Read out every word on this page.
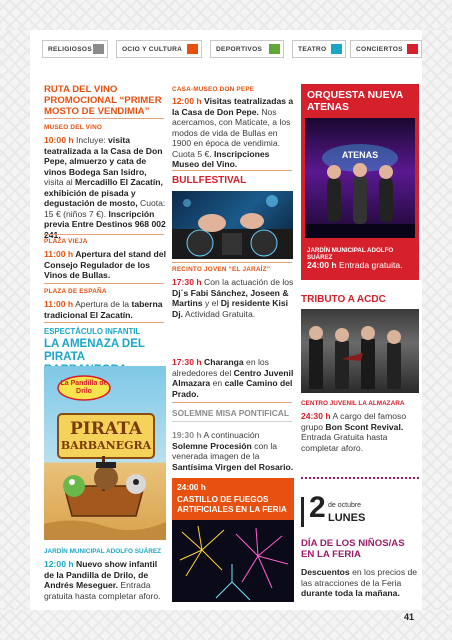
RELIGIOSOS	OCIO Y CULTURA	DEPORTIVOS	TEATRO	CONCIERTOS
RUTA DEL VINO PROMOCIONAL “PRIMER MOSTO DE VENDIMIA”
MUSEO DEL VINO
10:00 h Incluye: visita teatralizada a la Casa de Don Pepe, almuerzo y cata de vinos Bodega San Isidro, visita al Mercadillo El Zacatín, exhibición de pisada y degustación de mosto, Cuota: 15 € (niños 7 €). Inscripción previa Entre Destinos 968 002
PLAZA VIEJA
11:00 h Apertura del stand del Consejo Regulador de los Vinos de Bullas.
PLAZA DE ESPAÑA
11:00 h Apertura de la taberna tradicional El Zacatín.
ESPECTÁCULO INFANTIL
LA AMENAZA DEL PIRATA
La Pandilla de Drilo
PIRATA
BARBANEGRA
JARDÍN MUNICIPAL ADOLFO SUÁREZ
12:00 h Nuevo show infantil de la Pandilla de Drilo, de Andrés Meseguer. Entrada gratuita hasta completar aforo.
CASA-MUSEO DON PEPE
12:00 h Visitas teatralizadas a la Casa de Don Pepe. Nos acercamos, con Maticate, a los modos de vida de Bullas en 1900 en época de vendimia. Cuota 5 €. Inscripciones Museo del Vino.
BULLFESTIVAL
RECINTO JOVEN “EL JARAÍZ”
17:30 h Con la actuación de los Dj´s Fabi Sánchez, Joseen & Martins y el Dj residente Kisi Dj. Actividad Gratuita.
17:30 h Charanga en los alrededores del Centro Juvenil Almazara en calle Camino del Prado.
SOLEMNE MISA PONTIFICAL
19:30 h A continuación Solemne Procesión con la venerada imagen de la Santísima Virgen del Rosario.
24:00 h
CASTILLO DE FUEGOS ARTIFICIALES EN LA FERIA
ORQUESTA NUEVA ATENAS
ATENAS
JARDÍN MUNICIPAL ADOLFO SUÁREZ
24:00 h Entrada gratuita.
TRIBUTO A ACDC
CENTRO JUVENIL LA ALMAZARA
24:30 h A cargo del famoso grupo Bon Scont Revival. Entrada Gratuita hasta completar aforo.
2 de octubre
LUNES
DÍA DE LOS NIÑOS/AS EN LA FERIA
Descuentos en los precios de las atracciones de la Feria durante toda la mañana.
41
